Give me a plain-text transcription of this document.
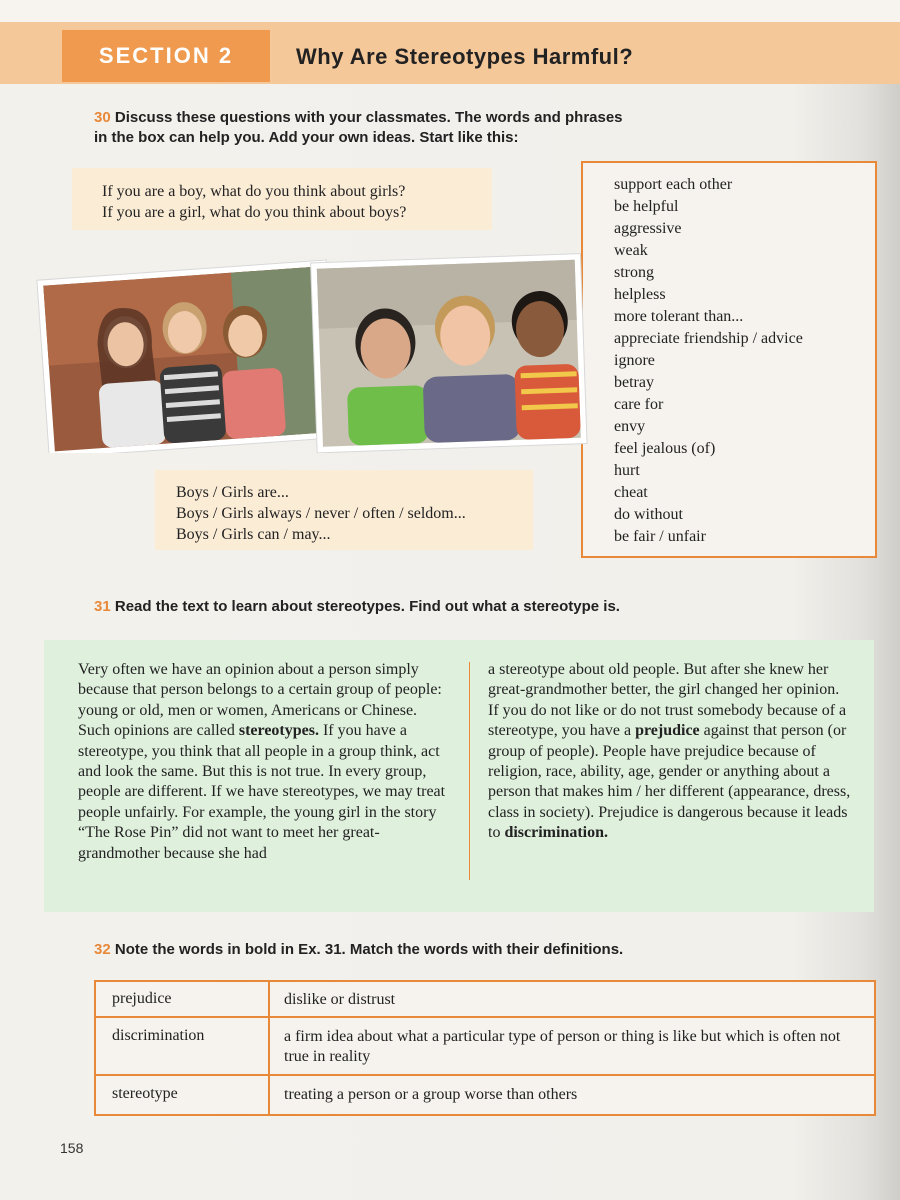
SECTION 2	Why Are Stereotypes Harmful?
30 Discuss these questions with your classmates. The words and phrases
in the box can help you. Add your own ideas. Start like this:
If you are a boy, what do you think about girls?
If you are a girl, what do you think about boys?
support each other
be helpful
aggressive
weak
strong
helpless
more tolerant than...
appreciate friendship / advice
ignore
betray
care for
envy
feel jealous (of)
hurt
cheat
do without
be fair / unfair
Boys / Girls are...
Boys / Girls always / never / often / seldom...
Boys / Girls can / may...
31 Read the text to learn about stereotypes. Find out what a stereotype is.
Very often we have an opinion about a person simply because that person belongs to a certain group of people: young or old, men or women, Americans or Chinese. Such opinions are called stereotypes. If you have a stereotype, you think that all people in a group think, act and look the same. But this is not true. In every group, people are different. If we have stereotypes, we may treat people unfairly. For example, the young girl in the story “The Rose Pin” did not want to meet her great-grandmother because she had
a stereotype about old people. But after she knew her great-grandmother better, the girl changed her opinion.
If you do not like or do not trust somebody because of a stereotype, you have a prejudice against that person (or group of people). People have prejudice because of religion, race, ability, age, gender or anything about a person that makes him / her different (appearance, dress, class in society). Prejudice is dangerous because it leads to discrimination.
32 Note the words in bold in Ex. 31. Match the words with their definitions.
prejudice	dislike or distrust
discrimination	a firm idea about what a particular type of person or thing is like but which is often not true in reality
stereotype	treating a person or a group worse than others
158
